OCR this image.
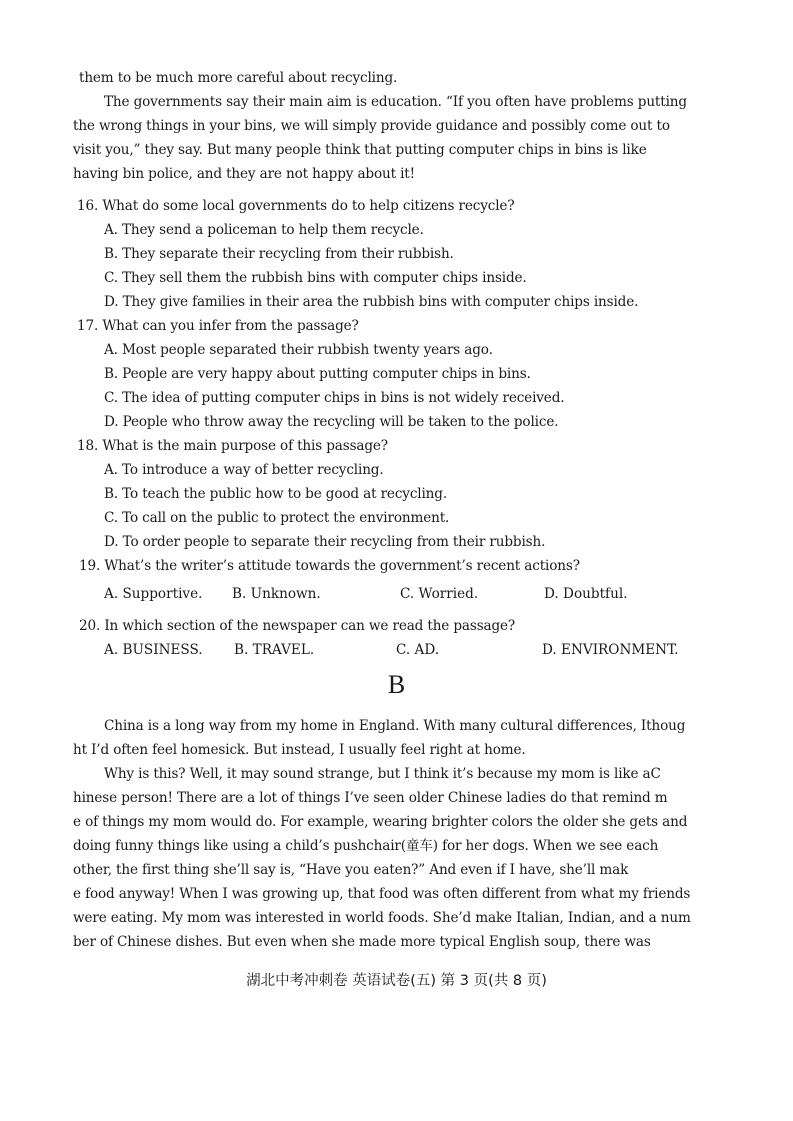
them to be much more careful about recycling.
The governments say their main aim is education. “If you often have problems putting
the wrong things in your bins, we will simply provide guidance and possibly come out to
visit you,” they say. But many people think that putting computer chips in bins is like
having bin police, and they are not happy about it!
16. What do some local governments do to help citizens recycle?
A. They send a policeman to help them recycle.
B. They separate their recycling from their rubbish.
C. They sell them the rubbish bins with computer chips inside.
D. They give families in their area the rubbish bins with computer chips inside.
17. What can you infer from the passage?
A. Most people separated their rubbish twenty years ago.
B. People are very happy about putting computer chips in bins.
C. The idea of putting computer chips in bins is not widely received.
D. People who throw away the recycling will be taken to the police.
18. What is the main purpose of this passage?
A. To introduce a way of better recycling.
B. To teach the public how to be good at recycling.
C. To call on the public to protect the environment.
D. To order people to separate their recycling from their rubbish.
19. What’s the writer’s attitude towards the government’s recent actions?
A. Supportive. B. Unknown.	C. Worried.	D. Doubtful.
20. In which section of the newspaper can we read the passage?
A. BUSINESS. B. TRAVEL.	C. AD.	D. ENVIRONMENT.
B
China is a long way from my home in England. With many cultural differences, Ithoug
ht I’d often feel homesick. But instead, I usually feel right at home.
Why is this? Well, it may sound strange, but I think it’s because my mom is like aC
hinese person! There are a lot of things I’ve seen older Chinese ladies do that remind m
e of things my mom would do. For example, wearing brighter colors the older she gets and
doing funny things like using a child’s pushchair(童车) for her dogs. When we see each
other, the first thing she’ll say is, “Have you eaten?” And even if I have, she’ll mak
e food anyway! When I was growing up, that food was often different from what my friends
were eating. My mom was interested in world foods. She’d make Italian, Indian, and a num
ber of Chinese dishes. But even when she made more typical English soup, there was
湖北中考冲刺卷 英语试卷(五) 第 3 页(共 8 页)
